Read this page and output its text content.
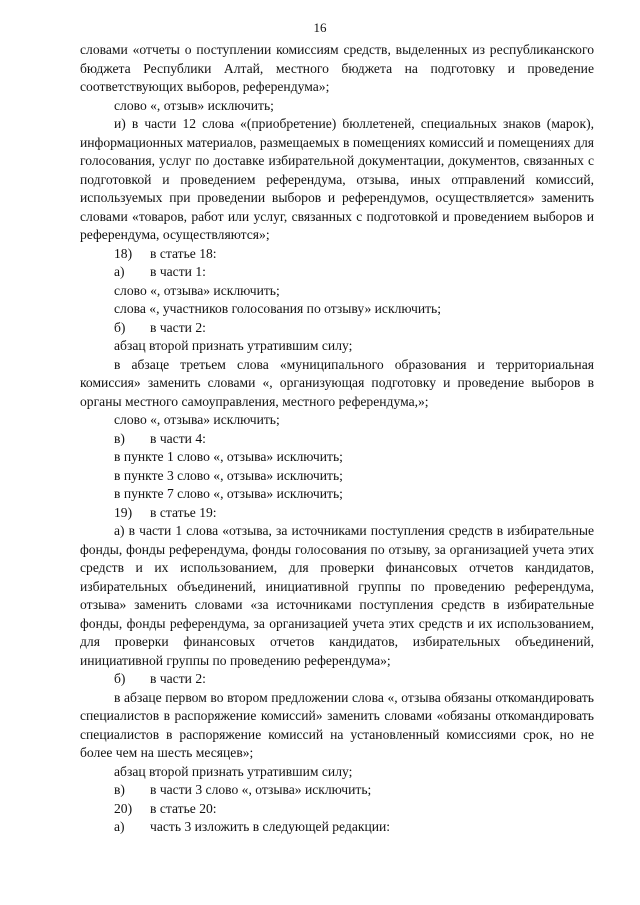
16

словами «отчеты о поступлении комиссиям средств, выделенных из республиканского бюджета Республики Алтай, местного бюджета на подготовку и проведение соответствующих выборов, референдума»;

слово «, отзыв» исключить;

и) в части 12 слова «(приобретение) бюллетеней, специальных знаков (марок), информационных материалов, размещаемых в помещениях комиссий и помещениях для голосования, услуг по доставке избирательной документации, документов, связанных с подготовкой и проведением референдума, отзыва, иных отправлений комиссий, используемых при проведении выборов и референдумов, осуществляется» заменить словами «товаров, работ или услуг, связанных с подготовкой и проведением выборов и референдума, осуществляются»;

18) в статье 18:

а) в части 1:

слово «, отзыва» исключить;

слова «, участников голосования по отзыву» исключить;

б) в части 2:

абзац второй признать утратившим силу;

в абзаце третьем слова «муниципального образования и территориальная комиссия» заменить словами «, организующая подготовку и проведение выборов в органы местного самоуправления, местного референдума,»;

слово «, отзыва» исключить;

в) в части 4:

в пункте 1 слово «, отзыва» исключить;

в пункте 3 слово «, отзыва» исключить;

в пункте 7 слово «, отзыва» исключить;

19) в статье 19:

а) в части 1 слова «отзыва, за источниками поступления средств в избирательные фонды, фонды референдума, фонды голосования по отзыву, за организацией учета этих средств и их использованием, для проверки финансовых отчетов кандидатов, избирательных объединений, инициативной группы по проведению референдума, отзыва» заменить словами «за источниками поступления средств в избирательные фонды, фонды референдума, за организацией учета этих средств и их использованием, для проверки финансовых отчетов кандидатов, избирательных объединений, инициативной группы по проведению референдума»;

б) в части 2:

в абзаце первом во втором предложении слова «, отзыва обязаны откомандировать специалистов в распоряжение комиссий» заменить словами «обязаны откомандировать специалистов в распоряжение комиссий на установленный комиссиями срок, но не более чем на шесть месяцев»;

абзац второй признать утратившим силу;

в) в части 3 слово «, отзыва» исключить;

20) в статье 20:

а) часть 3 изложить в следующей редакции:
